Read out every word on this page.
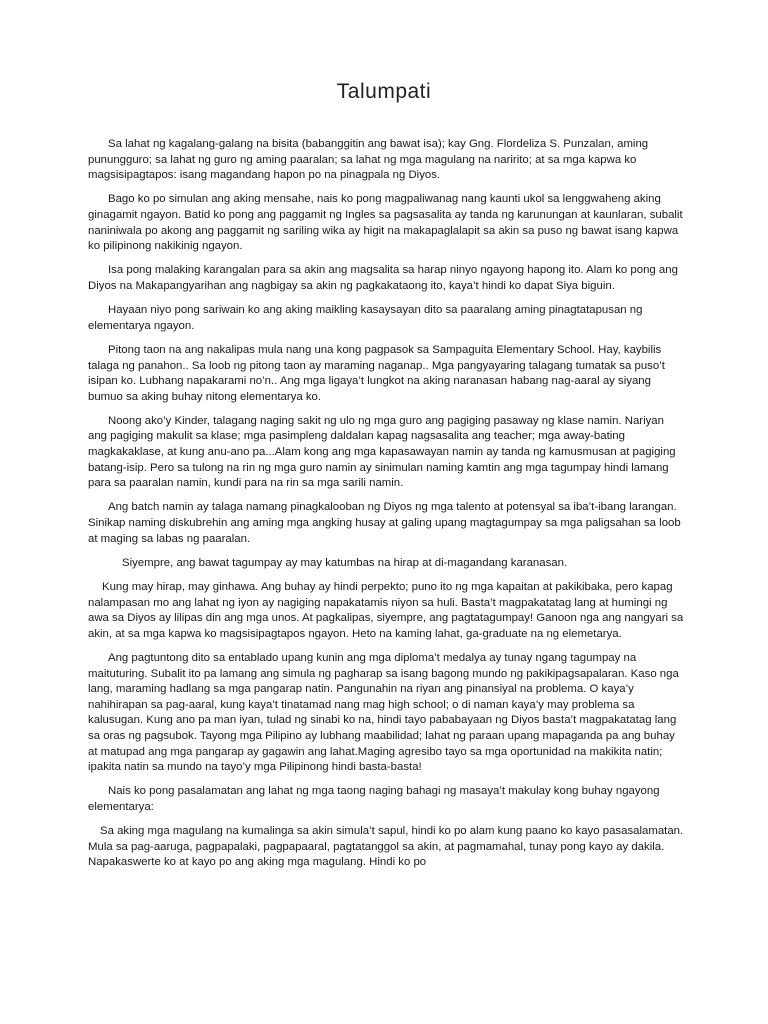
Talumpati

Sa lahat ng kagalang-galang na bisita (babanggitin ang bawat isa); kay Gng. Flordeliza S. Punzalan, aming punungguro; sa lahat ng guro ng aming paaralan; sa lahat ng mga magulang na naririto; at sa mga kapwa ko magsisipagtapos: isang magandang hapon po na pinagpala ng Diyos.

Bago ko po simulan ang aking mensahe, nais ko pong magpaliwanag nang kaunti ukol sa lenggwaheng aking ginagamit ngayon. Batid ko pong ang paggamit ng Ingles sa pagsasalita ay tanda ng karunungan at kaunlaran, subalit naniniwala po akong ang paggamit ng sariling wika ay higit na makapaglalapit sa akin sa puso ng bawat isang kapwa ko pilipinong nakikinig ngayon.

Isa pong malaking karangalan para sa akin ang magsalita sa harap ninyo ngayong hapong ito. Alam ko pong ang Diyos na Makapangyarihan ang nagbigay sa akin ng pagkakataong ito, kaya’t hindi ko dapat Siya biguin.

Hayaan niyo pong sariwain ko ang aking maikling kasaysayan dito sa paaralang aming pinagtatapusan ng elementarya ngayon.

Pitong taon na ang nakalipas mula nang una kong pagpasok sa Sampaguita Elementary School. Hay, kaybilis talaga ng panahon.. Sa loob ng pitong taon ay maraming naganap.. Mga pangyayaring talagang tumatak sa puso’t isipan ko. Lubhang napakarami no’n.. Ang mga ligaya’t lungkot na aking naranasan habang nag-aaral ay siyang bumuo sa aking buhay nitong elementarya ko.

Noong ako’y Kinder, talagang naging sakit ng ulo ng mga guro ang pagiging pasaway ng klase namin. Nariyan ang pagiging makulit sa klase; mga pasimpleng daldalan kapag nagsasalita ang teacher; mga away-bating magkakaklase, at kung anu-ano pa...Alam kong ang mga kapasawayan namin ay tanda ng kamusmusan at pagiging batang-isip. Pero sa tulong na rin ng mga guro namin ay sinimulan naming kamtin ang mga tagumpay hindi lamang para sa paaralan namin, kundi para na rin sa mga sarili namin.

Ang batch namin ay talaga namang pinagkalooban ng Diyos ng mga talento at potensyal sa iba’t-ibang larangan. Sinikap naming diskubrehin ang aming mga angking husay at galing upang magtagumpay sa mga paligsahan sa loob at maging sa labas ng paaralan.

Siyempre, ang bawat tagumpay ay may katumbas na hirap at di-magandang karanasan.

Kung may hirap, may ginhawa. Ang buhay ay hindi perpekto; puno ito ng mga kapaitan at pakikibaka, pero kapag nalampasan mo ang lahat ng iyon ay nagiging napakatamis niyon sa huli. Basta’t magpakatatag lang at humingi ng awa sa Diyos ay lilipas din ang mga unos. At pagkalipas, siyempre, ang pagtatagumpay! Ganoon nga ang nangyari sa akin, at sa mga kapwa ko magsisipagtapos ngayon. Heto na kaming lahat, ga-graduate na ng elemetarya.

Ang pagtuntong dito sa entablado upang kunin ang mga diploma’t medalya ay tunay ngang tagumpay na maituturing. Subalit ito pa lamang ang simula ng pagharap sa isang bagong mundo ng pakikipagsapalaran. Kaso nga lang, maraming hadlang sa mga pangarap natin. Pangunahin na riyan ang pinansiyal na problema. O kaya’y nahihirapan sa pag-aaral, kung kaya’t tinatamad nang mag high school; o di naman kaya’y may problema sa kalusugan. Kung ano pa man iyan, tulad ng sinabi ko na, hindi tayo pababayaan ng Diyos basta’t magpakatatag lang sa oras ng pagsubok. Tayong mga Pilipino ay lubhang maabilidad; lahat ng paraan upang mapaganda pa ang buhay at matupad ang mga pangarap ay gagawin ang lahat.Maging agresibo tayo sa mga oportunidad na makikita natin; ipakita natin sa mundo na tayo’y mga Pilipinong hindi basta-basta!

Nais ko pong pasalamatan ang lahat ng mga taong naging bahagi ng masaya’t makulay kong buhay ngayong elementarya:

Sa aking mga magulang na kumalinga sa akin simula’t sapul, hindi ko po alam kung paano ko kayo pasasalamatan. Mula sa pag-aaruga, pagpapalaki, pagpapaaral, pagtatanggol sa akin, at pagmamahal, tunay pong kayo ay dakila. Napakaswerte ko at kayo po ang aking mga magulang. Hindi ko po
